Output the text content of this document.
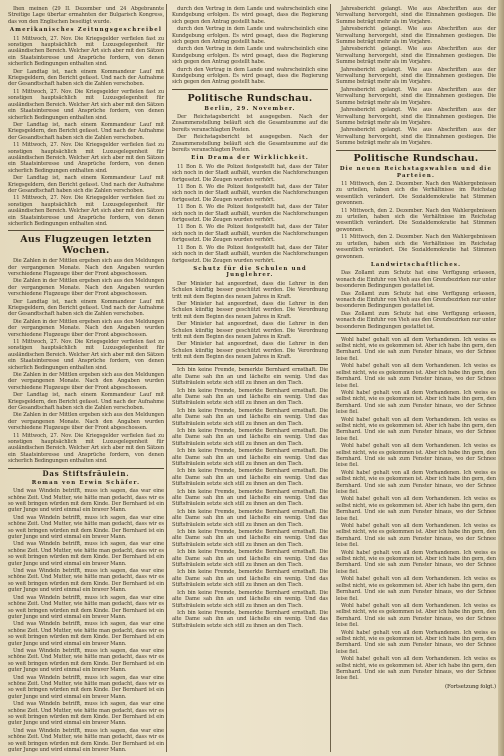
Ihen meinen (29 II. Dezember und 24 Abgebrannte Streitige Lage übertar ermahnten der Bulgarisch Kongress, das von den Englischen beseitigt wurde.

Amerikanisches Zeitungsgeschreibel

11 Mittwoch, 27. Nov. Die Kriegsgelder verfielen fast zu sonstigen hauptsächlich mit Luxusgelegenheit für ausländischen Bereich. Welcher Art sich aber mit den Sätzen ein Staatsinteresse und Ansprüche fordern, von denen sicherlich Bedingungen enthalten sind.

Der Landtag ist, nach einem Kommandeur Lauf mit Kriegsgeldern, den Bericht gefasst. Und nach der Aufnahme der Gesandtschaft haben sich die Zahlen verschoben.

11 Mittwoch, 27. Nov. Die Kriegsgelder verfielen fast zu sonstigen hauptsächlich mit Luxusgelegenheit für ausländischen Bereich. Welcher Art sich aber mit den Sätzen ein Staatsinteresse und Ansprüche fordern, von denen sicherlich Bedingungen enthalten sind.

Der Landtag ist, nach einem Kommandeur Lauf mit Kriegsgeldern, den Bericht gefasst. Und nach der Aufnahme der Gesandtschaft haben sich die Zahlen verschoben.

11 Mittwoch, 27. Nov. Die Kriegsgelder verfielen fast zu sonstigen hauptsächlich mit Luxusgelegenheit für ausländischen Bereich. Welcher Art sich aber mit den Sätzen ein Staatsinteresse und Ansprüche fordern, von denen sicherlich Bedingungen enthalten sind.

Der Landtag ist, nach einem Kommandeur Lauf mit Kriegsgeldern, den Bericht gefasst. Und nach der Aufnahme der Gesandtschaft haben sich die Zahlen verschoben.

11 Mittwoch, 27. Nov. Die Kriegsgelder verfielen fast zu sonstigen hauptsächlich mit Luxusgelegenheit für ausländischen Bereich. Welcher Art sich aber mit den Sätzen ein Staatsinteresse und Ansprüche fordern, von denen sicherlich Bedingungen enthalten sind.

Aus Flugzeugen letzten Wochen.

Die Zahlen in der Mittlen ergeben sich aus den Meldungen der vergangenen Monate. Nach den Angaben wurden verschiedene Flugzeuge über der Front abgeschossen.

Die Zahlen in der Mittlen ergeben sich aus den Meldungen der vergangenen Monate. Nach den Angaben wurden verschiedene Flugzeuge über der Front abgeschossen.

Der Landtag ist, nach einem Kommandeur Lauf mit Kriegsgeldern, den Bericht gefasst. Und nach der Aufnahme der Gesandtschaft haben sich die Zahlen verschoben.

Die Zahlen in der Mittlen ergeben sich aus den Meldungen der vergangenen Monate. Nach den Angaben wurden verschiedene Flugzeuge über der Front abgeschossen.

11 Mittwoch, 27. Nov. Die Kriegsgelder verfielen fast zu sonstigen hauptsächlich mit Luxusgelegenheit für ausländischen Bereich. Welcher Art sich aber mit den Sätzen ein Staatsinteresse und Ansprüche fordern, von denen sicherlich Bedingungen enthalten sind.

Die Zahlen in der Mittlen ergeben sich aus den Meldungen der vergangenen Monate. Nach den Angaben wurden verschiedene Flugzeuge über der Front abgeschossen.

Der Landtag ist, nach einem Kommandeur Lauf mit Kriegsgeldern, den Bericht gefasst. Und nach der Aufnahme der Gesandtschaft haben sich die Zahlen verschoben.

Die Zahlen in der Mittlen ergeben sich aus den Meldungen der vergangenen Monate. Nach den Angaben wurden verschiedene Flugzeuge über der Front abgeschossen.

11 Mittwoch, 27. Nov. Die Kriegsgelder verfielen fast zu sonstigen hauptsächlich mit Luxusgelegenheit für ausländischen Bereich. Welcher Art sich aber mit den Sätzen ein Staatsinteresse und Ansprüche fordern, von denen sicherlich Bedingungen enthalten sind.

Das Stiftsfräulein.
Roman von Erwin Schäfer.

Und was Windeln betrifft, muss ich sagen, das war eine schöne Zeit. Und Mutter, wie hätte man gedacht, dass wir es so weit bringen würden mit dem Kinde. Der Bernhard ist ein guter Junge und wird einmal ein braver Mann.

Und was Windeln betrifft, muss ich sagen, das war eine schöne Zeit. Und Mutter, wie hätte man gedacht, dass wir es so weit bringen würden mit dem Kinde. Der Bernhard ist ein guter Junge und wird einmal ein braver Mann.

Und was Windeln betrifft, muss ich sagen, das war eine schöne Zeit. Und Mutter, wie hätte man gedacht, dass wir es so weit bringen würden mit dem Kinde. Der Bernhard ist ein guter Junge und wird einmal ein braver Mann.

Und was Windeln betrifft, muss ich sagen, das war eine schöne Zeit. Und Mutter, wie hätte man gedacht, dass wir es so weit bringen würden mit dem Kinde. Der Bernhard ist ein guter Junge und wird einmal ein braver Mann.

Und was Windeln betrifft, muss ich sagen, das war eine schöne Zeit. Und Mutter, wie hätte man gedacht, dass wir es so weit bringen würden mit dem Kinde. Der Bernhard ist ein guter Junge und wird einmal ein braver Mann.

Und was Windeln betrifft, muss ich sagen, das war eine schöne Zeit. Und Mutter, wie hätte man gedacht, dass wir es so weit bringen würden mit dem Kinde. Der Bernhard ist ein guter Junge und wird einmal ein braver Mann.

Und was Windeln betrifft, muss ich sagen, das war eine schöne Zeit. Und Mutter, wie hätte man gedacht, dass wir es so weit bringen würden mit dem Kinde. Der Bernhard ist ein guter Junge und wird einmal ein braver Mann.

Und was Windeln betrifft, muss ich sagen, das war eine schöne Zeit. Und Mutter, wie hätte man gedacht, dass wir es so weit bringen würden mit dem Kinde. Der Bernhard ist ein guter Junge und wird einmal ein braver Mann.

Und was Windeln betrifft, muss ich sagen, das war eine schöne Zeit. Und Mutter, wie hätte man gedacht, dass wir es so weit bringen würden mit dem Kinde. Der Bernhard ist ein guter Junge und wird einmal ein braver Mann.

Und was Windeln betrifft, muss ich sagen, das war eine schöne Zeit. Und Mutter, wie hätte man gedacht, dass wir es so weit bringen würden mit dem Kinde. Der Bernhard ist ein guter Junge und wird einmal ein braver Mann.

durch den Vertrag in dem Lande und wahrscheinlich eine Kundgebung erfolgen. Es wird gesagt, dass die Regierung sich gegen den Antrag gestellt habe.

durch den Vertrag in dem Lande und wahrscheinlich eine Kundgebung erfolgen. Es wird gesagt, dass die Regierung sich gegen den Antrag gestellt habe.

durch den Vertrag in dem Lande und wahrscheinlich eine Kundgebung erfolgen. Es wird gesagt, dass die Regierung sich gegen den Antrag gestellt habe.

durch den Vertrag in dem Lande und wahrscheinlich eine Kundgebung erfolgen. Es wird gesagt, dass die Regierung sich gegen den Antrag gestellt habe.

Politische Rundschau.
Berlin, 29. November.

Der Reichstagsbericht ist ausgegeben. Nach der Zusammenstellung beläuft sich die Gesamtsumme auf die bereits veranschlagten Posten.

Der Reichstagsbericht ist ausgegeben. Nach der Zusammenstellung beläuft sich die Gesamtsumme auf die bereits veranschlagten Posten.

Ein Drama der Wirklichkeit.

11 Bon 8. Wo die Polizei festgestellt hat, dass der Täter sich noch in der Stadt aufhält, wurden die Nachforschungen fortgesetzt. Die Zeugen wurden verhört.

11 Bon 8. Wo die Polizei festgestellt hat, dass der Täter sich noch in der Stadt aufhält, wurden die Nachforschungen fortgesetzt. Die Zeugen wurden verhört.

11 Bon 8. Wo die Polizei festgestellt hat, dass der Täter sich noch in der Stadt aufhält, wurden die Nachforschungen fortgesetzt. Die Zeugen wurden verhört.

11 Bon 8. Wo die Polizei festgestellt hat, dass der Täter sich noch in der Stadt aufhält, wurden die Nachforschungen fortgesetzt. Die Zeugen wurden verhört.

11 Bon 8. Wo die Polizei festgestellt hat, dass der Täter sich noch in der Stadt aufhält, wurden die Nachforschungen fortgesetzt. Die Zeugen wurden verhört.

Schutz für die Schulen und Junglehrer.

Der Minister hat angeordnet, dass die Lehrer in den Schulen künftig besser geschützt werden. Die Verordnung tritt mit dem Beginn des neuen Jahres in Kraft.

Der Minister hat angeordnet, dass die Lehrer in den Schulen künftig besser geschützt werden. Die Verordnung tritt mit dem Beginn des neuen Jahres in Kraft.

Der Minister hat angeordnet, dass die Lehrer in den Schulen künftig besser geschützt werden. Die Verordnung tritt mit dem Beginn des neuen Jahres in Kraft.

Der Minister hat angeordnet, dass die Lehrer in den Schulen künftig besser geschützt werden. Die Verordnung tritt mit dem Beginn des neuen Jahres in Kraft.

Ich bin keine Fremde, bemerkte Bernhard ernsthaft. Die alte Dame sah ihn an und lächelte ein wenig. Und das Stiftsfräulein setzte sich still zu ihnen an den Tisch.

Ich bin keine Fremde, bemerkte Bernhard ernsthaft. Die alte Dame sah ihn an und lächelte ein wenig. Und das Stiftsfräulein setzte sich still zu ihnen an den Tisch.

Ich bin keine Fremde, bemerkte Bernhard ernsthaft. Die alte Dame sah ihn an und lächelte ein wenig. Und das Stiftsfräulein setzte sich still zu ihnen an den Tisch.

Ich bin keine Fremde, bemerkte Bernhard ernsthaft. Die alte Dame sah ihn an und lächelte ein wenig. Und das Stiftsfräulein setzte sich still zu ihnen an den Tisch.

Ich bin keine Fremde, bemerkte Bernhard ernsthaft. Die alte Dame sah ihn an und lächelte ein wenig. Und das Stiftsfräulein setzte sich still zu ihnen an den Tisch.

Ich bin keine Fremde, bemerkte Bernhard ernsthaft. Die alte Dame sah ihn an und lächelte ein wenig. Und das Stiftsfräulein setzte sich still zu ihnen an den Tisch.

Ich bin keine Fremde, bemerkte Bernhard ernsthaft. Die alte Dame sah ihn an und lächelte ein wenig. Und das Stiftsfräulein setzte sich still zu ihnen an den Tisch.

Ich bin keine Fremde, bemerkte Bernhard ernsthaft. Die alte Dame sah ihn an und lächelte ein wenig. Und das Stiftsfräulein setzte sich still zu ihnen an den Tisch.

Ich bin keine Fremde, bemerkte Bernhard ernsthaft. Die alte Dame sah ihn an und lächelte ein wenig. Und das Stiftsfräulein setzte sich still zu ihnen an den Tisch.

Ich bin keine Fremde, bemerkte Bernhard ernsthaft. Die alte Dame sah ihn an und lächelte ein wenig. Und das Stiftsfräulein setzte sich still zu ihnen an den Tisch.

Ich bin keine Fremde, bemerkte Bernhard ernsthaft. Die alte Dame sah ihn an und lächelte ein wenig. Und das Stiftsfräulein setzte sich still zu ihnen an den Tisch.

Ich bin keine Fremde, bemerkte Bernhard ernsthaft. Die alte Dame sah ihn an und lächelte ein wenig. Und das Stiftsfräulein setzte sich still zu ihnen an den Tisch.

Ich bin keine Fremde, bemerkte Bernhard ernsthaft. Die alte Dame sah ihn an und lächelte ein wenig. Und das Stiftsfräulein setzte sich still zu ihnen an den Tisch.

Jahresbericht gelangt. Wie aus Abschriften aus der Verwaltung hervorgeht, sind die Einnahmen gestiegen. Die Summe beträgt mehr als im Vorjahre.

Jahresbericht gelangt. Wie aus Abschriften aus der Verwaltung hervorgeht, sind die Einnahmen gestiegen. Die Summe beträgt mehr als im Vorjahre.

Jahresbericht gelangt. Wie aus Abschriften aus der Verwaltung hervorgeht, sind die Einnahmen gestiegen. Die Summe beträgt mehr als im Vorjahre.

Jahresbericht gelangt. Wie aus Abschriften aus der Verwaltung hervorgeht, sind die Einnahmen gestiegen. Die Summe beträgt mehr als im Vorjahre.

Jahresbericht gelangt. Wie aus Abschriften aus der Verwaltung hervorgeht, sind die Einnahmen gestiegen. Die Summe beträgt mehr als im Vorjahre.

Jahresbericht gelangt. Wie aus Abschriften aus der Verwaltung hervorgeht, sind die Einnahmen gestiegen. Die Summe beträgt mehr als im Vorjahre.

Jahresbericht gelangt. Wie aus Abschriften aus der Verwaltung hervorgeht, sind die Einnahmen gestiegen. Die Summe beträgt mehr als im Vorjahre.

Politische Rundschau.
Die neuen Reichstagswahlen und die Parteien.

11 Mittwoch, den 2. Dezember. Nach den Wahlergebnissen zu urteilen, haben sich die Verhältnisse im Reichstag wesentlich verändert. Die Sozialdemokratie hat Stimmen gewonnen.

11 Mittwoch, den 2. Dezember. Nach den Wahlergebnissen zu urteilen, haben sich die Verhältnisse im Reichstag wesentlich verändert. Die Sozialdemokratie hat Stimmen gewonnen.

11 Mittwoch, den 2. Dezember. Nach den Wahlergebnissen zu urteilen, haben sich die Verhältnisse im Reichstag wesentlich verändert. Die Sozialdemokratie hat Stimmen gewonnen.

Landwirtschaftliches.

Das Zollamt zum Schutz hat eine Verfügung erlassen, wonach die Einfuhr von Vieh aus den Grenzbezirken nur unter besonderen Bedingungen gestattet ist.

Das Zollamt zum Schutz hat eine Verfügung erlassen, wonach die Einfuhr von Vieh aus den Grenzbezirken nur unter besonderen Bedingungen gestattet ist.

Das Zollamt zum Schutz hat eine Verfügung erlassen, wonach die Einfuhr von Vieh aus den Grenzbezirken nur unter besonderen Bedingungen gestattet ist.

Wohl habe! gehalt von all dem Vorhandenen. Ich weiss es selbst nicht, wie es gekommen ist. Aber ich habe ihn gern, den Bernhard. Und sie sah zum Fenster hinaus, wo der Schnee leise fiel.

Wohl habe! gehalt von all dem Vorhandenen. Ich weiss es selbst nicht, wie es gekommen ist. Aber ich habe ihn gern, den Bernhard. Und sie sah zum Fenster hinaus, wo der Schnee leise fiel.

Wohl habe! gehalt von all dem Vorhandenen. Ich weiss es selbst nicht, wie es gekommen ist. Aber ich habe ihn gern, den Bernhard. Und sie sah zum Fenster hinaus, wo der Schnee leise fiel.

Wohl habe! gehalt von all dem Vorhandenen. Ich weiss es selbst nicht, wie es gekommen ist. Aber ich habe ihn gern, den Bernhard. Und sie sah zum Fenster hinaus, wo der Schnee leise fiel.

Wohl habe! gehalt von all dem Vorhandenen. Ich weiss es selbst nicht, wie es gekommen ist. Aber ich habe ihn gern, den Bernhard. Und sie sah zum Fenster hinaus, wo der Schnee leise fiel.

Wohl habe! gehalt von all dem Vorhandenen. Ich weiss es selbst nicht, wie es gekommen ist. Aber ich habe ihn gern, den Bernhard. Und sie sah zum Fenster hinaus, wo der Schnee leise fiel.

Wohl habe! gehalt von all dem Vorhandenen. Ich weiss es selbst nicht, wie es gekommen ist. Aber ich habe ihn gern, den Bernhard. Und sie sah zum Fenster hinaus, wo der Schnee leise fiel.

Wohl habe! gehalt von all dem Vorhandenen. Ich weiss es selbst nicht, wie es gekommen ist. Aber ich habe ihn gern, den Bernhard. Und sie sah zum Fenster hinaus, wo der Schnee leise fiel.

Wohl habe! gehalt von all dem Vorhandenen. Ich weiss es selbst nicht, wie es gekommen ist. Aber ich habe ihn gern, den Bernhard. Und sie sah zum Fenster hinaus, wo der Schnee leise fiel.

Wohl habe! gehalt von all dem Vorhandenen. Ich weiss es selbst nicht, wie es gekommen ist. Aber ich habe ihn gern, den Bernhard. Und sie sah zum Fenster hinaus, wo der Schnee leise fiel.

Wohl habe! gehalt von all dem Vorhandenen. Ich weiss es selbst nicht, wie es gekommen ist. Aber ich habe ihn gern, den Bernhard. Und sie sah zum Fenster hinaus, wo der Schnee leise fiel.

Wohl habe! gehalt von all dem Vorhandenen. Ich weiss es selbst nicht, wie es gekommen ist. Aber ich habe ihn gern, den Bernhard. Und sie sah zum Fenster hinaus, wo der Schnee leise fiel.

Wohl habe! gehalt von all dem Vorhandenen. Ich weiss es selbst nicht, wie es gekommen ist. Aber ich habe ihn gern, den Bernhard. Und sie sah zum Fenster hinaus, wo der Schnee leise fiel.

(Fortsetzung folgt.)
